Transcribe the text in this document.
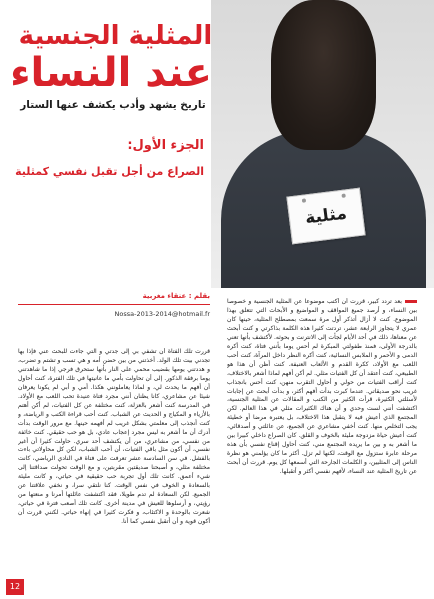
مثلية
المثلية الجنسية
عند النساء
تاريخ يشهد وأدب يكشف عنها الستار
الجزء الأول:
الصراع من أجل تقبل نفسي كمثلية
بقلم : عنقاء مغربية
Nossa-2013-2014@hotmail.fr
بعد تردد كبير، قررت أن أكتب موضوعا عن المثلية الجنسية و خصوصا بين النساء، و أرصد جميع المواقف و المواضيع و الأبحاث التي تتعلق بهذا الموضوع. كنت لا أزال أتذكر أول مرة سمعت بمصطلح المثلية، حينها كان عمري لا يتجاوز الرابعة عشر، تردتت كثيرا هذه الكلمة بذاكرتي و كنت أبحث عن معناها، ذلك في أحد الأيام لجأت إلى الانترنت و بحوثه. لأكتشف بأنها تعني بالدرجة الأولى، فمنذ طفولتي المبكرة لم أحس يوما بأنني فتاة، كنت أكره الدمى و الأحمر و الملابس النسائية، كنت أكره النظر داخل المرآة، كنت أحب اللعب مع الأولاد، ككرة القدم و الألعاب العنيفة. كنت أظن أن هذا هو الطبيعي، كنت أعتقد أن كل الفتيات مثلي. لم أكن أفهم لماذا أشعر بالاختلاف، كنت أراقب الفتيات من حولي و أحاول التقرب منهن، كنت أحس بانجذاب غريب نحو صديقاتي. عندما كبرت بدأت أفهم أكثر، و بدأت أبحث عن إجابات لأسئلتي الكثيرة، قرأت الكثير من الكتب و المقالات عن المثلية الجنسية، اكتشفت أنني لست وحدي و أن هناك الكثيرات مثلي في هذا العالم. لكن المجتمع الذي أعيش فيه لا يتقبل هذا الاختلاف، بل يعتبره مرضا أو خطيئة يجب التخلص منها. كنت أخفي مشاعري عن الجميع، عن عائلتي و أصدقائي، كنت أعيش حياة مزدوجة مليئة بالخوف و القلق. كان الصراع داخلي كبيرا بين ما أشعر به و بين ما يريده المجتمع مني، كنت أحاول إقناع نفسي بأن هذه مرحلة عابرة ستزول مع الوقت، لكنها لم تزل. أكثر ما كان يؤلمني هو نظرة الناس إلى المثليين، و الكلمات الجارحة التي أسمعها كل يوم. قررت أن أبحث عن تاريخ المثلية عند النساء، لأفهم نفسي أكثر و أتقبلها.
قررت تلك الفتاة أن تشفي بي إلى جدتي و التي جاءت للبحث عني فإذا بها تجدني بيت تلك الولد. أخذتني من بين حضن أمه و هي تسب و تشتم و تضرب، و هددتني يومها بقضيب محمي على النار بأنها ستحرق فرجي إذا ما شاهدتني يوما برفقة الذكور. إلى أن تحاولت بأمي ما عانيتها في تلك الفترة، كنت أحاول أن أفهم ما يحدث لي، و لماذا يعاملونني هكذا. أمي و أبي لم يكونا يعرفان شيئا عن مشاعري، كانا يظنان أنني مجرد فتاة عنيدة تحب اللعب مع الأولاد. في المدرسة كنت أشعر بالعزلة، كنت مختلفة عن كل الفتيات، لم أكن أهتم بالأزياء و المكياج و الحديث عن الشباب. كنت أحب قراءة الكتب و الرياضة، و كنت أنجذب إلى معلمتي بشكل غريب لم أفهمه حينها. مع مرور الوقت بدأت أدرك أن ما أشعر به ليس مجرد إعجاب عادي، بل هو حب حقيقي. كنت خائفة من نفسي، من مشاعري، من أن يكتشف أحد سري. حاولت كثيرا أن أغير نفسي، أن أكون مثل باقي الفتيات، أن أحب الشباب، لكن كل محاولاتي باءت بالفشل. في سن السادسة عشر تعرفت على فتاة في النادي الرياضي، كانت مختلفة مثلي، و أصبحنا صديقتين مقربتين، و مع الوقت تحولت صداقتنا إلى شيء أعمق. كانت تلك أول تجربة حب حقيقية في حياتي، و كانت مليئة بالسعادة و الخوف في نفس الوقت. كنا نلتقي سرا، و نخفي علاقتنا عن الجميع. لكن السعادة لم تدم طويلا، فقد اكتشفت عائلتها أمرنا و منعتها من رؤيتي، و أرسلوها للعيش في مدينة أخرى. كانت تلك أصعب فترة في حياتي، شعرت بالوحدة و الاكتئاب، و فكرت كثيرا في إنهاء حياتي. لكنني قررت أن أكون قوية و أن أتقبل نفسي كما أنا.
12
